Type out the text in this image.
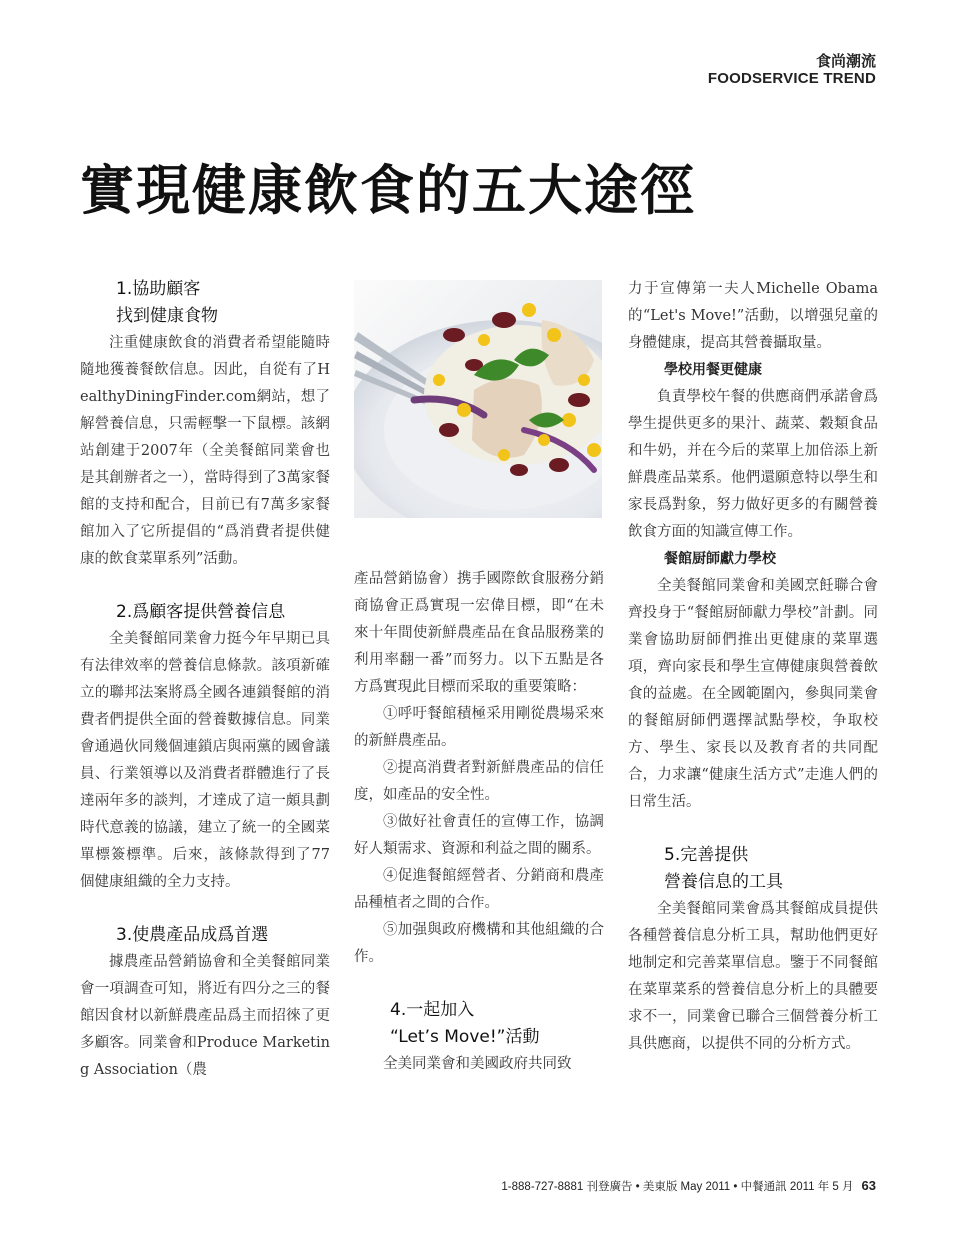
食尚潮流
FOODSERVICE TREND
實現健康飲食的五大途徑
1.協助顧客
找到健康食物

注重健康飲食的消費者希望能隨時隨地獲養餐飲信息。因此，自從有了HealthyDiningFinder.com網站，想了解營養信息，只需輕擊一下鼠標。該網站創建于2007年（全美餐館同業會也是其創辦者之一），當時得到了3萬家餐館的支持和配合，目前已有7萬多家餐館加入了它所提倡的“爲消費者提供健康的飲食菜單系列”活動。

2.爲顧客提供營養信息

全美餐館同業會力挺今年早期已具有法律效率的營養信息條款。該項新確立的聯邦法案將爲全國各連鎖餐館的消費者們提供全面的營養數據信息。同業會通過伙同幾個連鎖店與兩黨的國會議員、行業領導以及消費者群體進行了長達兩年多的談判，才達成了這一頗具劃時代意義的協議，建立了統一的全國菜單標簽標準。后來，該條款得到了77個健康組織的全力支持。

3.使農產品成爲首選

據農產品營銷協會和全美餐館同業會一項調查可知，將近有四分之三的餐館因食材以新鮮農產品爲主而招徠了更多顧客。同業會和Produce Marketing Association（農

產品營銷協會）携手國際飲食服務分銷商協會正爲實現一宏偉目標，即“在未來十年間使新鮮農產品在食品服務業的利用率翻一番”而努力。以下五點是各方爲實現此目標而采取的重要策略：

①呼吁餐館積極采用剛從農場采來的新鮮農產品。

②提高消費者對新鮮農產品的信任度，如產品的安全性。

③做好社會責任的宣傳工作，協調好人類需求、資源和利益之間的關系。

④促進餐館經營者、分銷商和農產品種植者之間的合作。

⑤加强與政府機構和其他組織的合作。

4.一起加入
“Let’s Move!”活動

全美同業會和美國政府共同致

力于宣傳第一夫人Michelle Obama的“Let's Move!”活動，以增强兒童的身體健康，提高其營養攝取量。

學校用餐更健康

負責學校午餐的供應商們承諾會爲學生提供更多的果汁、蔬菜、穀類食品和牛奶，并在今后的菜單上加倍添上新鮮農產品菜系。他們還願意特以學生和家長爲對象，努力做好更多的有關營養飲食方面的知識宣傳工作。

餐館厨師獻力學校

全美餐館同業會和美國烹飪聯合會齊投身于“餐館厨師獻力學校”計劃。同業會協助厨師們推出更健康的菜單選項，齊向家長和學生宣傳健康與營養飲食的益處。在全國範圍內，參與同業會的餐館厨師們選擇試點學校，争取校方、學生、家長以及教育者的共同配合，力求讓“健康生活方式”走進人們的日常生活。

5.完善提供
營養信息的工具

全美餐館同業會爲其餐館成員提供各種營養信息分析工具，幫助他們更好地制定和完善菜單信息。鑒于不同餐館在菜單菜系的營養信息分析上的具體要求不一，同業會已聯合三個營養分析工具供應商，以提供不同的分析方式。

1-888-727-8881 刊登廣告 • 美東版 May 2011 • 中餐通訊 2011 年 5 月 63
